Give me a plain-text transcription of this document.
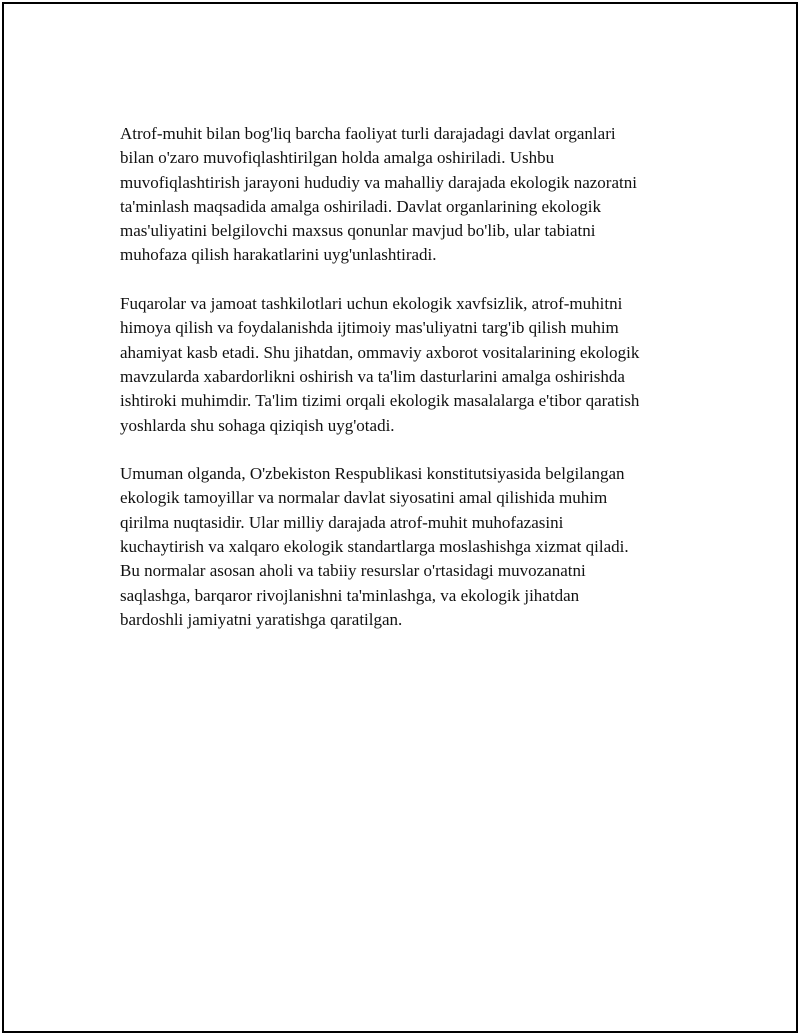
Atrof-muhit bilan bog'liq barcha faoliyat turli darajadagi davlat organlari
bilan o'zaro muvofiqlashtirilgan holda amalga oshiriladi. Ushbu
muvofiqlashtirish jarayoni hududiy va mahalliy darajada ekologik nazoratni
ta'minlash maqsadida amalga oshiriladi. Davlat organlarining ekologik
mas'uliyatini belgilovchi maxsus qonunlar mavjud bo'lib, ular tabiatni
muhofaza qilish harakatlarini uyg'unlashtiradi.

Fuqarolar va jamoat tashkilotlari uchun ekologik xavfsizlik, atrof-muhitni
himoya qilish va foydalanishda ijtimoiy mas'uliyatni targ'ib qilish muhim
ahamiyat kasb etadi. Shu jihatdan, ommaviy axborot vositalarining ekologik
mavzularda xabardorlikni oshirish va ta'lim dasturlarini amalga oshirishda
ishtiroki muhimdir. Ta'lim tizimi orqali ekologik masalalarga e'tibor qaratish
yoshlarda shu sohaga qiziqish uyg'otadi.

Umuman olganda, O'zbekiston Respublikasi konstitutsiyasida belgilangan
ekologik tamoyillar va normalar davlat siyosatini amal qilishida muhim
qirilma nuqtasidir. Ular milliy darajada atrof-muhit muhofazasini
kuchaytirish va xalqaro ekologik standartlarga moslashishga xizmat qiladi.
Bu normalar asosan aholi va tabiiy resurslar o'rtasidagi muvozanatni
saqlashga, barqaror rivojlanishni ta'minlashga, va ekologik jihatdan
bardoshli jamiyatni yaratishga qaratilgan.
